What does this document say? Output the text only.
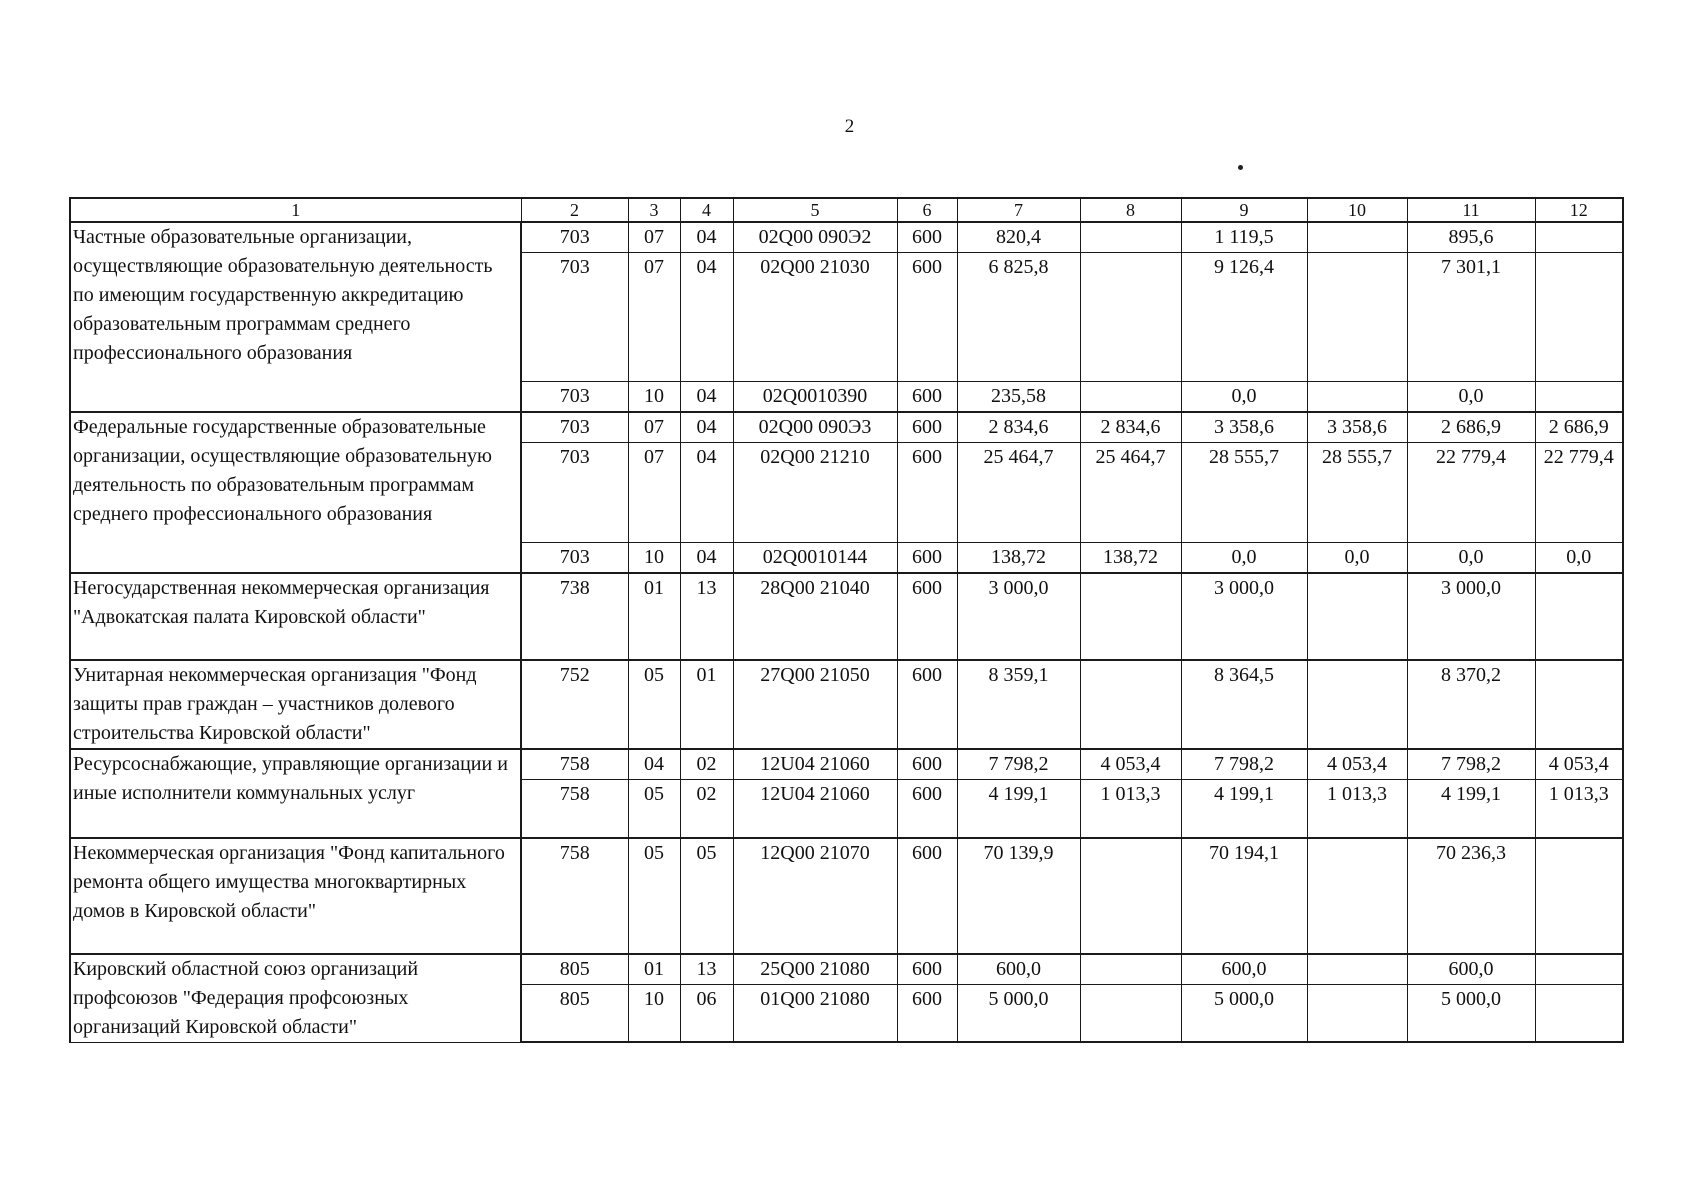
2
1	2	3	4	5	6	7	8	9	10	11	12
Частные образовательные организации, осуществляющие образовательную деятельность по имеющим государственную аккредитацию образовательным программам среднего профессионального образования	703	07	04	02Q00 090Э2	600	820,4		1 119,5		895,6	
	703	07	04	02Q00 21030	600	6 825,8		9 126,4		7 301,1	
	703	10	04	02Q0010390	600	235,58		0,0		0,0	
Федеральные государственные образовательные организации, осуществляющие образовательную деятельность по образовательным программам среднего профессионального образования	703	07	04	02Q00 090Э3	600	2 834,6	2 834,6	3 358,6	3 358,6	2 686,9	2 686,9
	703	07	04	02Q00 21210	600	25 464,7	25 464,7	28 555,7	28 555,7	22 779,4	22 779,4
	703	10	04	02Q0010144	600	138,72	138,72	0,0	0,0	0,0	0,0
Негосударственная некоммерческая организация "Адвокатская палата Кировской области"	738	01	13	28Q00 21040	600	3 000,0		3 000,0		3 000,0	
Унитарная некоммерческая организация "Фонд защиты прав граждан – участников долевого строительства Кировской области"	752	05	01	27Q00 21050	600	8 359,1		8 364,5		8 370,2	
Ресурсоснабжающие, управляющие организации и иные исполнители коммунальных услуг	758	04	02	12U04 21060	600	7 798,2	4 053,4	7 798,2	4 053,4	7 798,2	4 053,4
	758	05	02	12U04 21060	600	4 199,1	1 013,3	4 199,1	1 013,3	4 199,1	1 013,3
Некоммерческая организация "Фонд капитального ремонта общего имущества многоквартирных домов в Кировской области"	758	05	05	12Q00 21070	600	70 139,9		70 194,1		70 236,3	
Кировский областной союз организаций профсоюзов "Федерация профсоюзных организаций Кировской области"	805	01	13	25Q00 21080	600	600,0		600,0		600,0	
	805	10	06	01Q00 21080	600	5 000,0		5 000,0		5 000,0	
